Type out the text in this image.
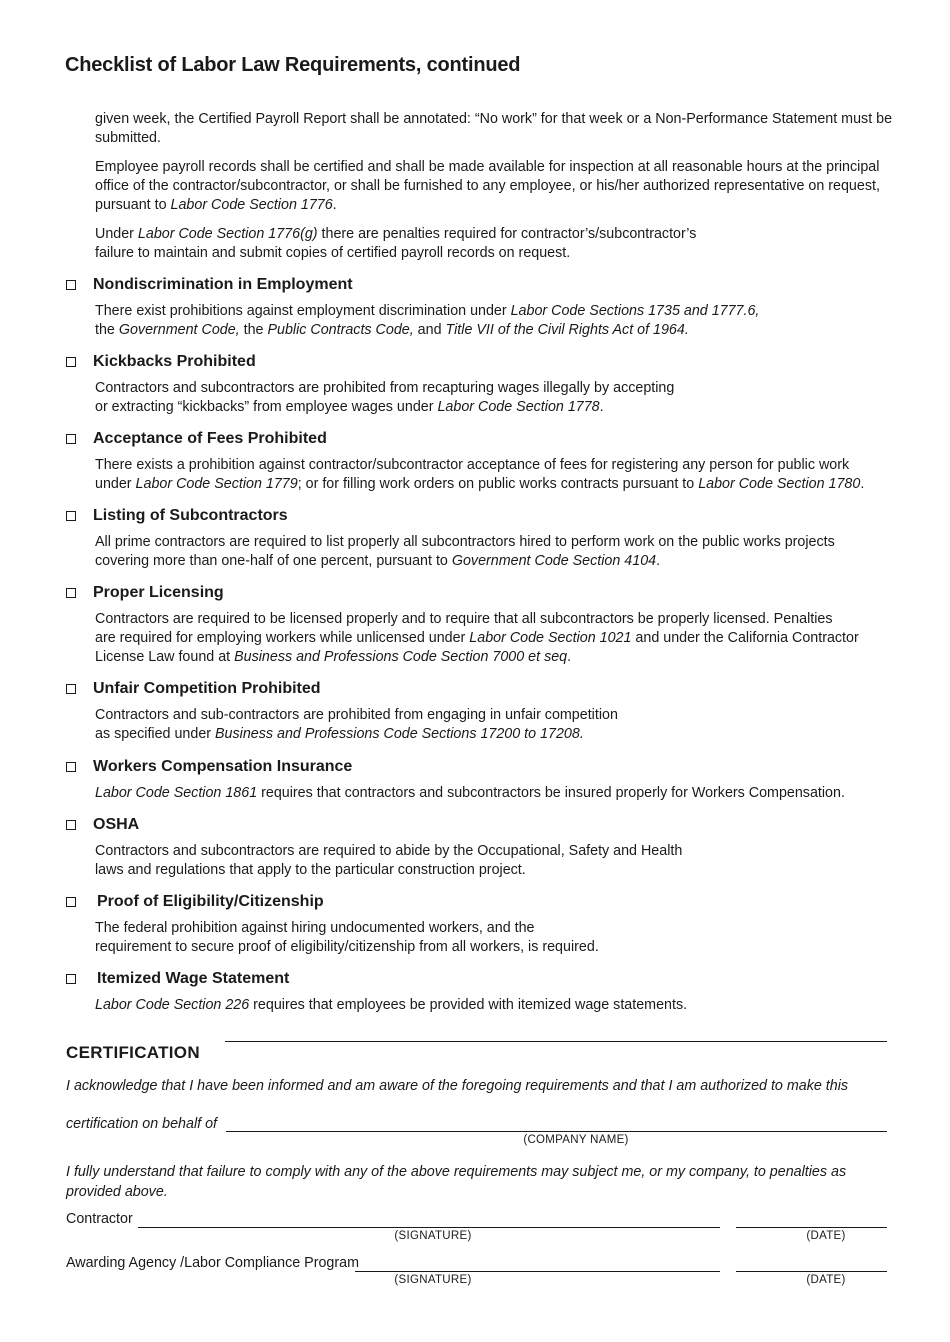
Checklist of Labor Law Requirements, continued

given week, the Certified Payroll Report shall be annotated: “No work” for that week or a Non-Performance Statement must be submitted.

Employee payroll records shall be certified and shall be made available for inspection at all reasonable hours at the principal office of the contractor/subcontractor, or shall be furnished to any employee, or his/her authorized representative on request, pursuant to Labor Code Section 1776.

Under Labor Code Section 1776(g) there are penalties required for contractor’s/subcontractor’s
failure to maintain and submit copies of certified payroll records on request.

Nondiscrimination in Employment
There exist prohibitions against employment discrimination under Labor Code Sections 1735 and 1777.6,
the Government Code, the Public Contracts Code, and Title VII of the Civil Rights Act of 1964.
Kickbacks Prohibited
Contractors and subcontractors are prohibited from recapturing wages illegally by accepting
or extracting “kickbacks” from employee wages under Labor Code Section 1778.
Acceptance of Fees Prohibited
There exists a prohibition against contractor/subcontractor acceptance of fees for registering any person for public work
under Labor Code Section 1779; or for filling work orders on public works contracts pursuant to Labor Code Section 1780.
Listing of Subcontractors
All prime contractors are required to list properly all subcontractors hired to perform work on the public works projects
covering more than one-half of one percent, pursuant to Government Code Section 4104.
Proper Licensing
Contractors are required to be licensed properly and to require that all subcontractors be properly licensed. Penalties
are required for employing workers while unlicensed under Labor Code Section 1021 and under the California Contractor
License Law found at Business and Professions Code Section 7000 et seq.
Unfair Competition Prohibited
Contractors and sub-contractors are prohibited from engaging in unfair competition
as specified under Business and Professions Code Sections 17200 to 17208.
Workers Compensation Insurance
Labor Code Section 1861 requires that contractors and subcontractors be insured properly for Workers Compensation.
OSHA
Contractors and subcontractors are required to abide by the Occupational, Safety and Health
laws and regulations that apply to the particular construction project.
Proof of Eligibility/Citizenship
The federal prohibition against hiring undocumented workers, and the
requirement to secure proof of eligibility/citizenship from all workers, is required.
Itemized Wage Statement
Labor Code Section 226 requires that employees be provided with itemized wage statements.
CERTIFICATION
I acknowledge that I have been informed and am aware of the foregoing requirements and that I am authorized to make this
certification on behalf of
(COMPANY NAME)
I fully understand that failure to comply with any of the above requirements may subject me, or my company, to penalties as provided above.
Contractor
(SIGNATURE)	(DATE)
Awarding Agency /Labor Compliance Program
(SIGNATURE)	(DATE)
